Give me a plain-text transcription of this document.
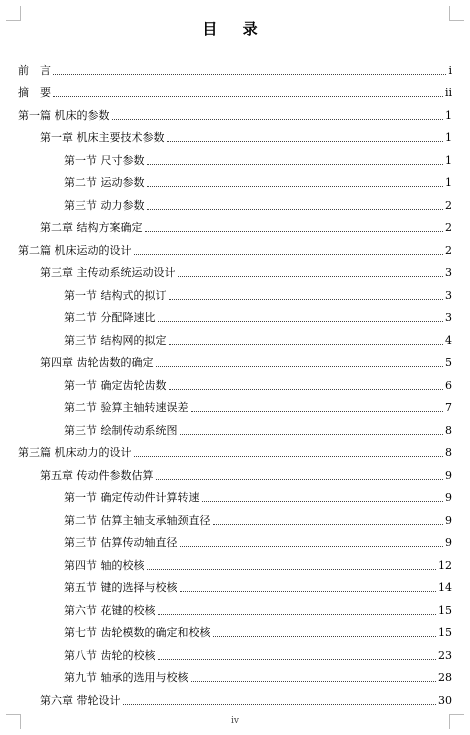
目 录
前　言	i
摘　要	ii
第一篇 机床的参数	1
第一章 机床主要技术参数	1
第一节 尺寸参数	1
第二节 运动参数	1
第三节 动力参数	2
第二章 结构方案确定	2
第二篇 机床运动的设计	2
第三章 主传动系统运动设计	3
第一节 结构式的拟订	3
第二节 分配降速比	3
第三节 结构网的拟定	4
第四章 齿轮齿数的确定	5
第一节 确定齿轮齿数	6
第二节 验算主轴转速误差	7
第三节 绘制传动系统图	8
第三篇 机床动力的设计	8
第五章 传动件参数估算	9
第一节 确定传动件计算转速	9
第二节 估算主轴支承轴颈直径	9
第三节 估算传动轴直径	9
第四节 轴的校核	12
第五节 键的选择与校核	14
第六节 花键的校核	15
第七节 齿轮模数的确定和校核	15
第八节 齿轮的校核	23
第九节 轴承的选用与校核	28
第六章 带轮设计	30
iv
